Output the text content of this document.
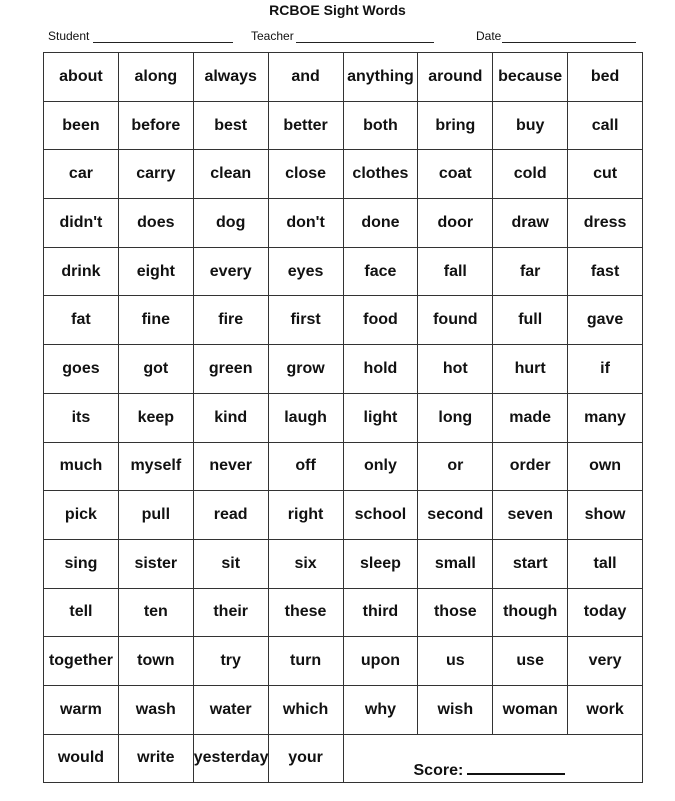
RCBOE Sight Words
Student	Teacher	Date
about	along	always	and	anything	around	because	bed
been	before	best	better	both	bring	buy	call
car	carry	clean	close	clothes	coat	cold	cut
didn't	does	dog	don't	done	door	draw	dress
drink	eight	every	eyes	face	fall	far	fast
fat	fine	fire	first	food	found	full	gave
goes	got	green	grow	hold	hot	hurt	if
its	keep	kind	laugh	light	long	made	many
much	myself	never	off	only	or	order	own
pick	pull	read	right	school	second	seven	show
sing	sister	sit	six	sleep	small	start	tall
tell	ten	their	these	third	those	though	today
together	town	try	turn	upon	us	use	very
warm	wash	water	which	why	wish	woman	work
would	write	yesterday	your	Score:			
